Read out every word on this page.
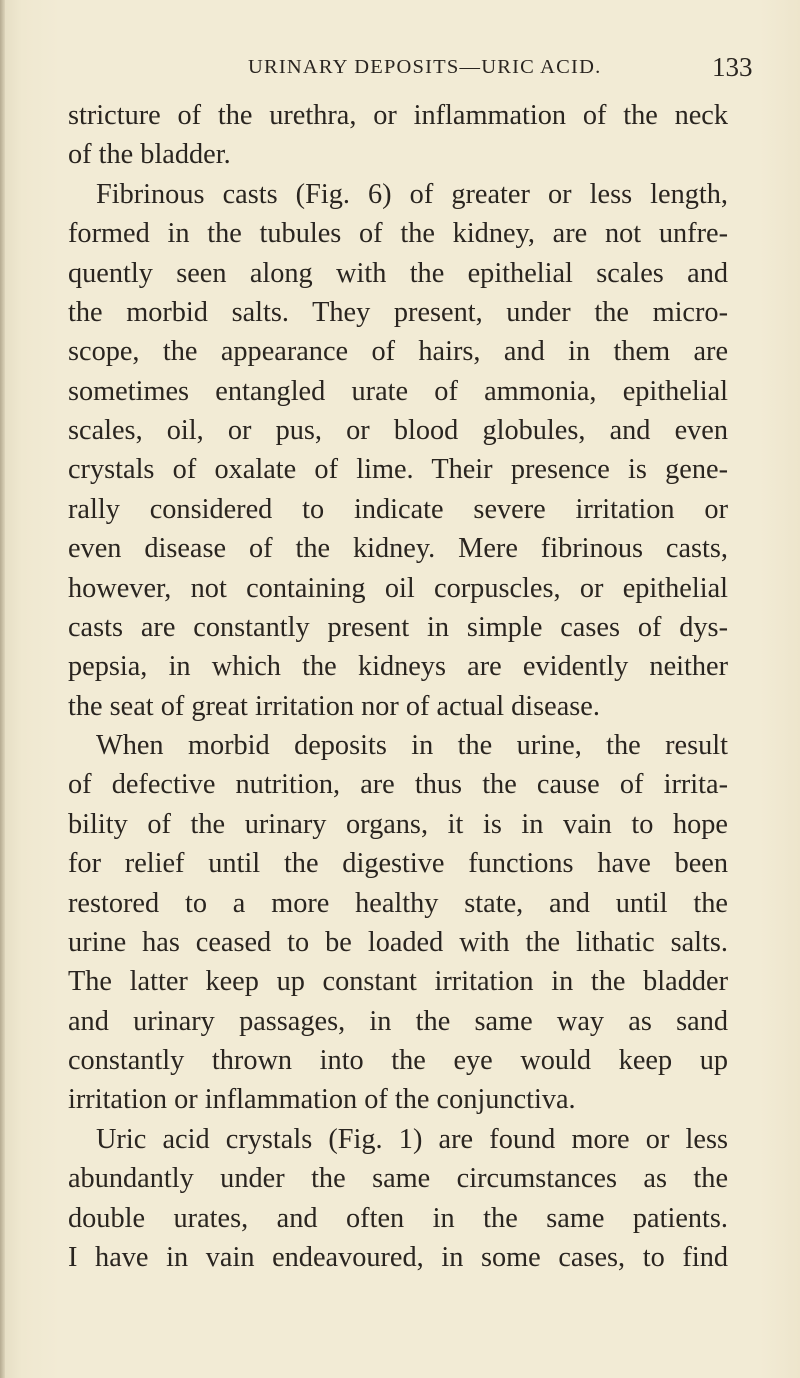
URINARY DEPOSITS—URIC ACID.	133
stricture of the urethra, or inflammation of the neck
of the bladder.
Fibrinous casts (Fig. 6) of greater or less length,
formed in the tubules of the kidney, are not unfre-
quently seen along with the epithelial scales and
the morbid salts. They present, under the micro-
scope, the appearance of hairs, and in them are
sometimes entangled urate of ammonia, epithelial
scales, oil, or pus, or blood globules, and even
crystals of oxalate of lime. Their presence is gene-
rally considered to indicate severe irritation or
even disease of the kidney. Mere fibrinous casts,
however, not containing oil corpuscles, or epithelial
casts are constantly present in simple cases of dys-
pepsia, in which the kidneys are evidently neither
the seat of great irritation nor of actual disease.
When morbid deposits in the urine, the result
of defective nutrition, are thus the cause of irrita-
bility of the urinary organs, it is in vain to hope
for relief until the digestive functions have been
restored to a more healthy state, and until the
urine has ceased to be loaded with the lithatic salts.
The latter keep up constant irritation in the bladder
and urinary passages, in the same way as sand
constantly thrown into the eye would keep up
irritation or inflammation of the conjunctiva.
Uric acid crystals (Fig. 1) are found more or less
abundantly under the same circumstances as the
double urates, and often in the same patients.
I have in vain endeavoured, in some cases, to find
